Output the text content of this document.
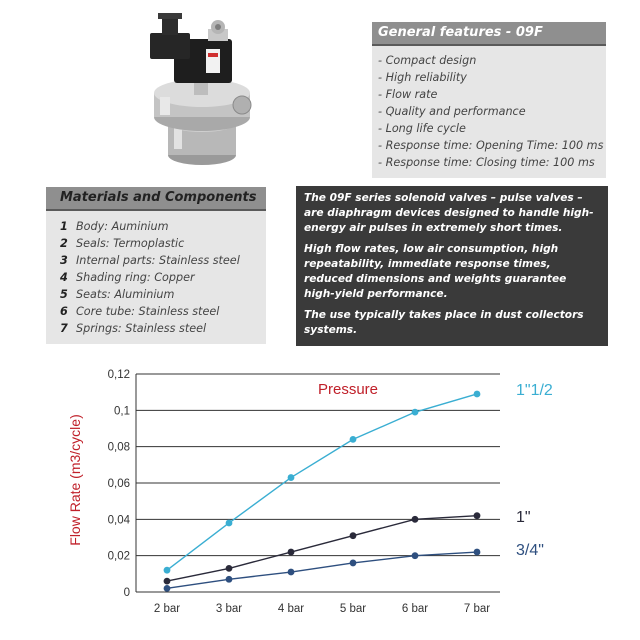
General features - 09F
- Compact design
- High reliability
- Flow rate
- Quality and performance
- Long life cycle
- Response time: Opening Time: 100 ms
- Response time: Closing time: 100 ms
Materials and Components
1 Body: Auminium
2 Seals: Termoplastic
3 Internal parts: Stainless steel
4 Shading ring: Copper
5 Seats: Aluminium
6 Core tube: Stainless steel
7 Springs: Stainless steel

The 09F series solenoid valves – pulse valves – are diaphragm devices designed to handle high-energy air pulses in extremely short times.

High flow rates, low air consumption, high repeatability, immediate response times, reduced dimensions and weights guarantee high-yield performance.

The use typically takes place in dust collectors systems.

0
0,02
0,04
0,06
0,08
0,1
0,12
2 bar	3 bar	4 bar	5 bar	6 bar	7 bar
Pressure
Flow Rate (m3/cycle)
1"1/2
1"
3/4"
